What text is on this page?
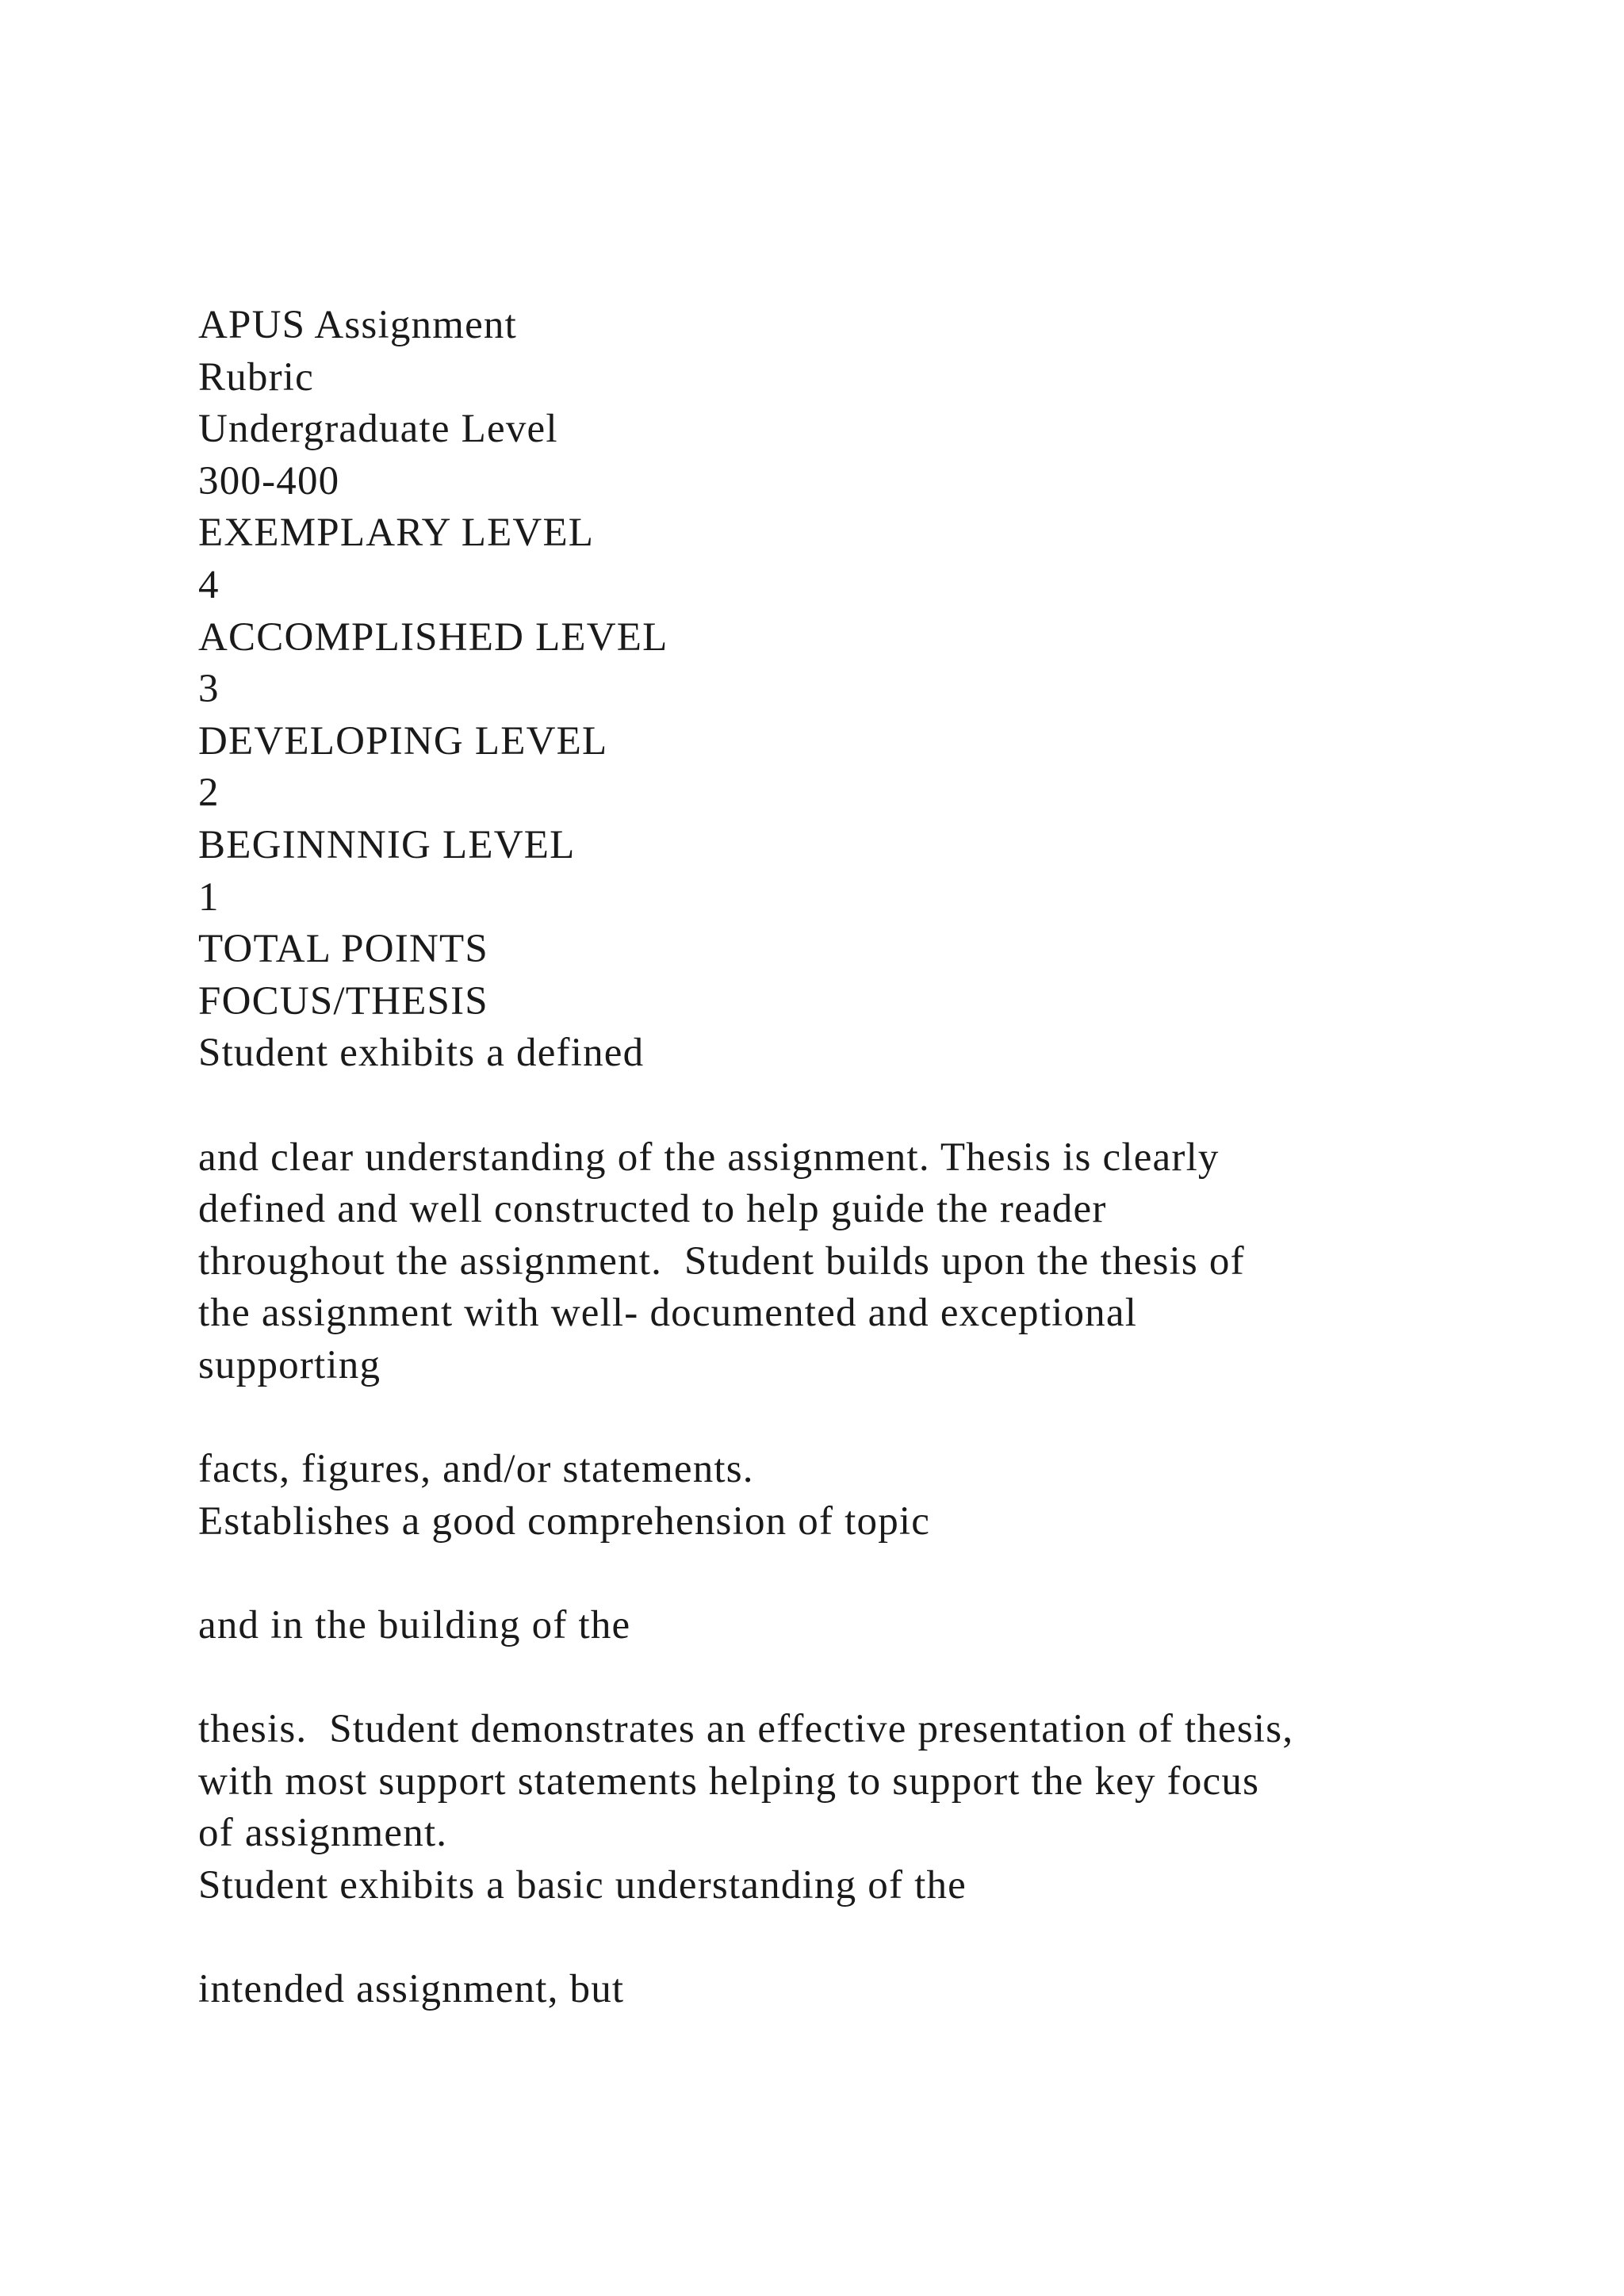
APUS Assignment
Rubric
Undergraduate Level
300-400
EXEMPLARY LEVEL
4
ACCOMPLISHED LEVEL
3
DEVELOPING LEVEL
2
BEGINNNIG LEVEL
1
TOTAL POINTS
FOCUS/THESIS
Student exhibits a defined
and clear understanding of the assignment. Thesis is clearly
defined and well constructed to help guide the reader
throughout the assignment.  Student builds upon the thesis of
the assignment with well- documented and exceptional
supporting
facts, figures, and/or statements.
Establishes a good comprehension of topic
and in the building of the
thesis.  Student demonstrates an effective presentation of thesis,
with most support statements helping to support the key focus
of assignment.
Student exhibits a basic understanding of the
intended assignment, but
